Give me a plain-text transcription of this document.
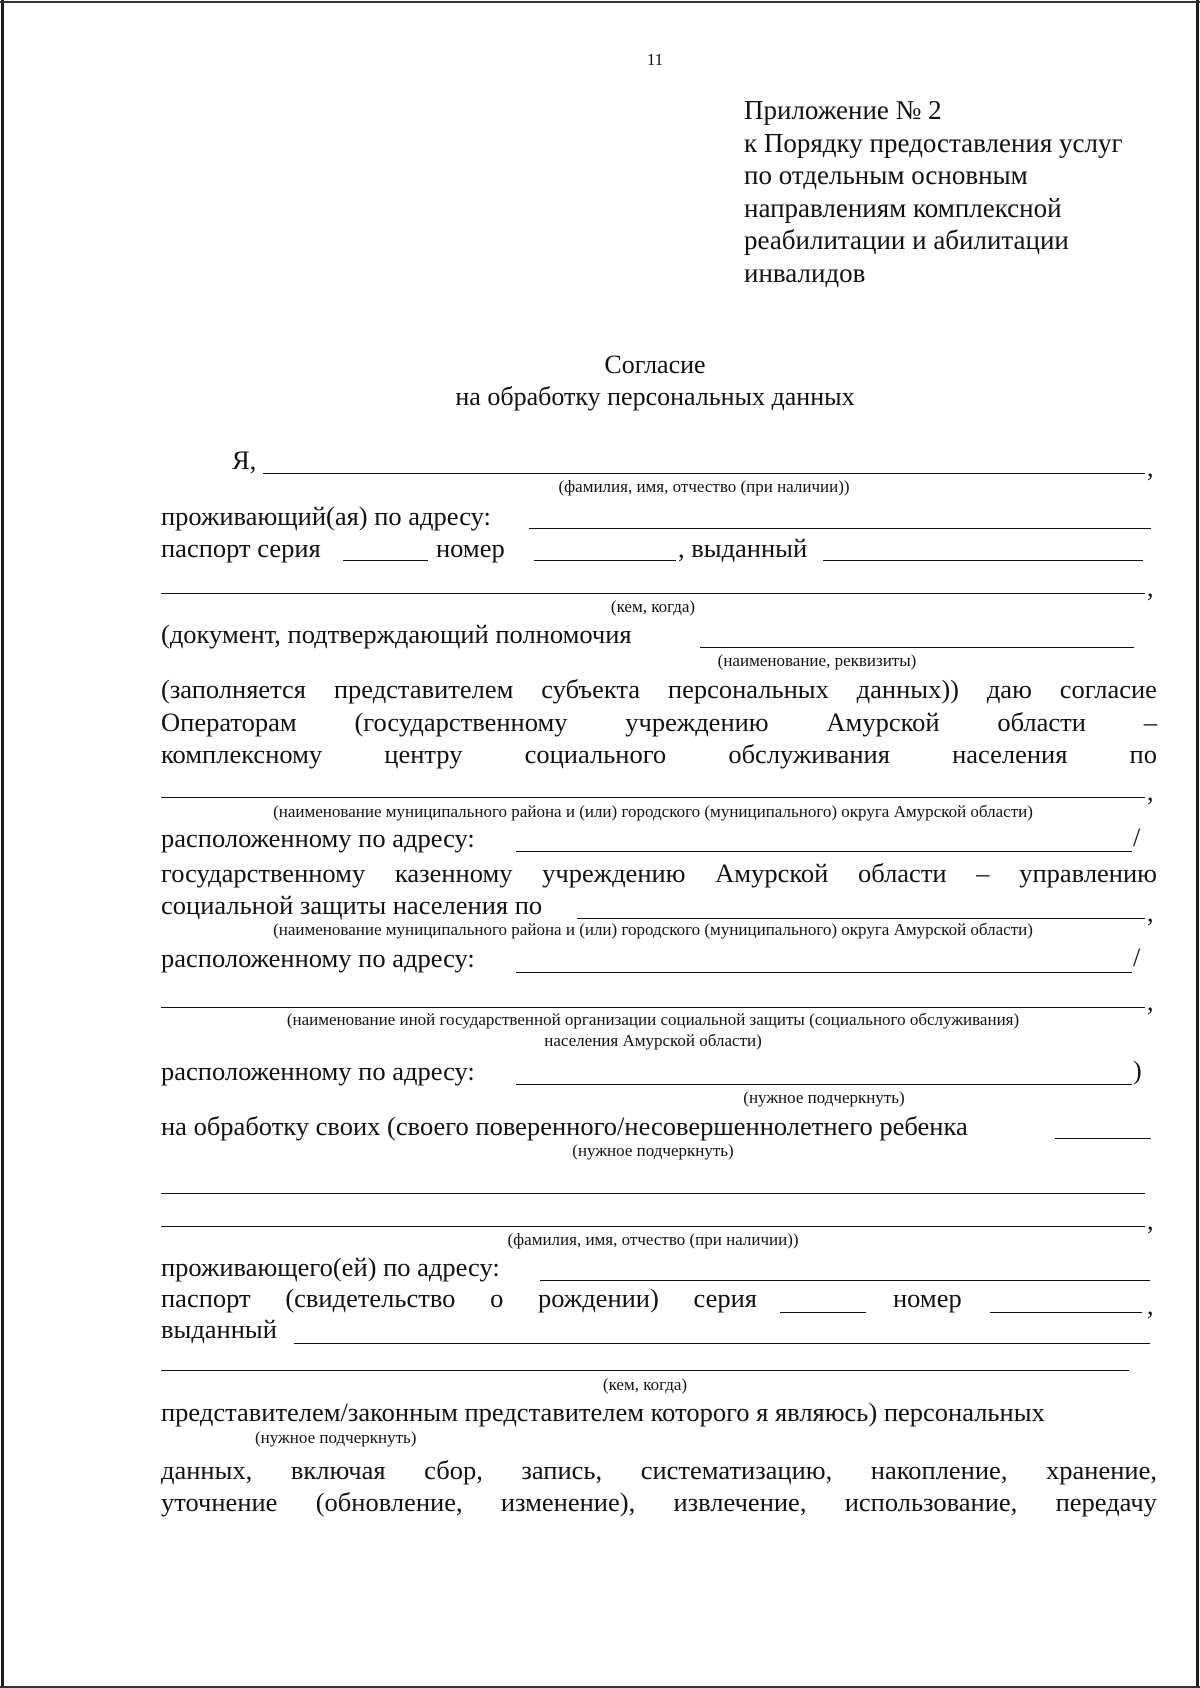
11
Приложение № 2
к Порядку предоставления услуг
по отдельным основным
направлениям комплексной
реабилитации и абилитации
инвалидов
Согласие
на обработку персональных данных
Я,	,
(фамилия, имя, отчество (при наличии))
проживающий(ая) по адресу:
паспорт серия	номер	, выданный
,
(кем, когда)
(документ, подтверждающий полномочия
(наименование, реквизиты)
(заполняется представителем субъекта персональных данных)) даю согласие
Операторам (государственному учреждению Амурской области –
комплексному центру социального обслуживания населения по
,
(наименование муниципального района и (или) городского (муниципального) округа Амурской области)
расположенному по адресу:	/
государственному казенному учреждению Амурской области – управлению
социальной защиты населения по	,
(наименование муниципального района и (или) городского (муниципального) округа Амурской области)
расположенному по адресу:	/
,
(наименование иной государственной организации социальной защиты (социального обслуживания)
населения Амурской области)
расположенному по адресу:	)
(нужное подчеркнуть)
на обработку своих (своего поверенного/несовершеннолетнего ребенка
(нужное подчеркнуть)
,
(фамилия, имя, отчество (при наличии))
проживающего(ей) по адресу:
паспорт (свидетельство о рождении) серия	номер	,
выданный
(кем, когда)
представителем/законным представителем которого я являюсь) персональных
(нужное подчеркнуть)
данных, включая сбор, запись, систематизацию, накопление, хранение,
уточнение (обновление, изменение), извлечение, использование, передачу
